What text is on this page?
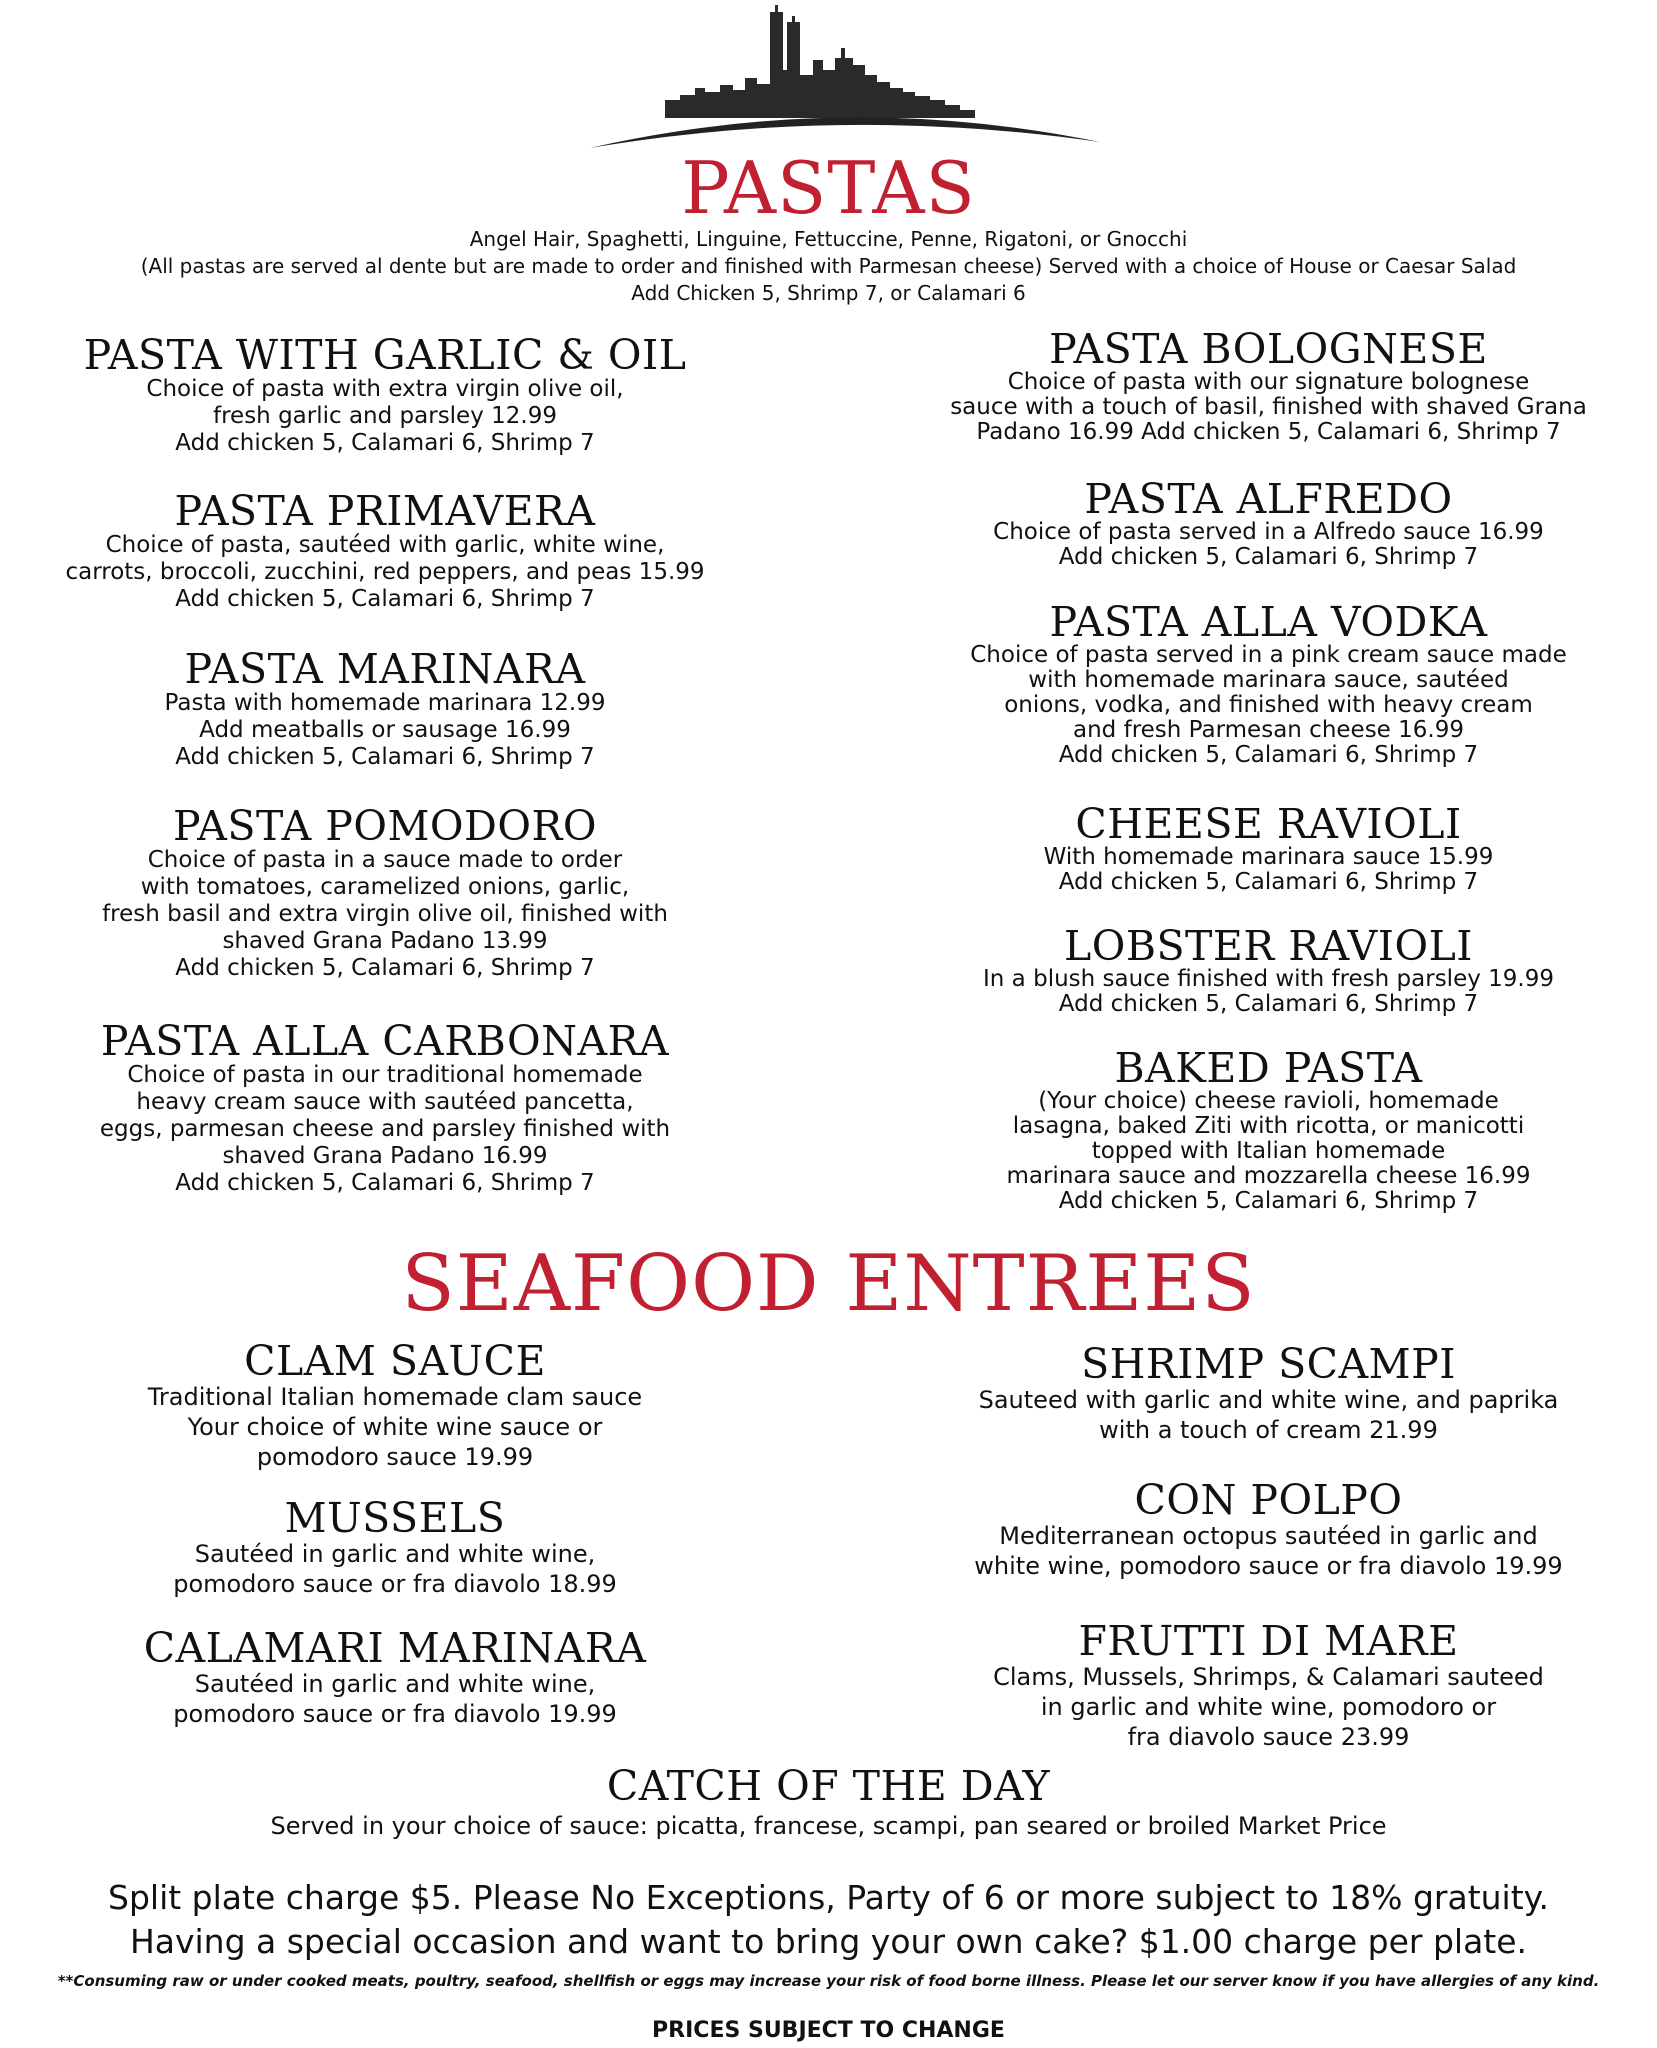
PASTAS
Angel Hair, Spaghetti, Linguine, Fettuccine, Penne, Rigatoni, or Gnocchi
(All pastas are served al dente but are made to order and finished with Parmesan cheese) Served with a choice of House or Caesar Salad
Add Chicken 5, Shrimp 7, or Calamari 6
PASTA WITH GARLIC & OIL
Choice of pasta with extra virgin olive oil,
fresh garlic and parsley 12.99
Add chicken 5, Calamari 6, Shrimp 7
PASTA PRIMAVERA
Choice of pasta, sautéed with garlic, white wine,
carrots, broccoli, zucchini, red peppers, and peas 15.99
Add chicken 5, Calamari 6, Shrimp 7
PASTA MARINARA
Pasta with homemade marinara 12.99
Add meatballs or sausage 16.99
Add chicken 5, Calamari 6, Shrimp 7
PASTA POMODORO
Choice of pasta in a sauce made to order
with tomatoes, caramelized onions, garlic,
fresh basil and extra virgin olive oil, finished with
shaved Grana Padano 13.99
Add chicken 5, Calamari 6, Shrimp 7
PASTA ALLA CARBONARA
Choice of pasta in our traditional homemade
heavy cream sauce with sautéed pancetta,
eggs, parmesan cheese and parsley finished with
shaved Grana Padano 16.99
Add chicken 5, Calamari 6, Shrimp 7
PASTA BOLOGNESE
Choice of pasta with our signature bolognese
sauce with a touch of basil, finished with shaved Grana
Padano 16.99 Add chicken 5, Calamari 6, Shrimp 7
PASTA ALFREDO
Choice of pasta served in a Alfredo sauce 16.99
Add chicken 5, Calamari 6, Shrimp 7
PASTA ALLA VODKA
Choice of pasta served in a pink cream sauce made
with homemade marinara sauce, sautéed
onions, vodka, and finished with heavy cream
and fresh Parmesan cheese 16.99
Add chicken 5, Calamari 6, Shrimp 7
CHEESE RAVIOLI
With homemade marinara sauce 15.99
Add chicken 5, Calamari 6, Shrimp 7
LOBSTER RAVIOLI
In a blush sauce finished with fresh parsley 19.99
Add chicken 5, Calamari 6, Shrimp 7
BAKED PASTA
(Your choice) cheese ravioli, homemade
lasagna, baked Ziti with ricotta, or manicotti
topped with Italian homemade
marinara sauce and mozzarella cheese 16.99
Add chicken 5, Calamari 6, Shrimp 7
SEAFOOD ENTREES
CLAM SAUCE
Traditional Italian homemade clam sauce
Your choice of white wine sauce or
pomodoro sauce 19.99
MUSSELS
Sautéed in garlic and white wine,
pomodoro sauce or fra diavolo 18.99
CALAMARI MARINARA
Sautéed in garlic and white wine,
pomodoro sauce or fra diavolo 19.99
SHRIMP SCAMPI
Sauteed with garlic and white wine, and paprika
with a touch of cream 21.99
CON POLPO
Mediterranean octopus sautéed in garlic and
white wine, pomodoro sauce or fra diavolo 19.99
FRUTTI DI MARE
Clams, Mussels, Shrimps, & Calamari sauteed
in garlic and white wine, pomodoro or
fra diavolo sauce 23.99
CATCH OF THE DAY
Served in your choice of sauce: picatta, francese, scampi, pan seared or broiled Market Price
Split plate charge $5. Please No Exceptions, Party of 6 or more subject to 18% gratuity.
Having a special occasion and want to bring your own cake? $1.00 charge per plate.
**Consuming raw or under cooked meats, poultry, seafood, shellfish or eggs may increase your risk of food borne illness. Please let our server know if you have allergies of any kind.
PRICES SUBJECT TO CHANGE
